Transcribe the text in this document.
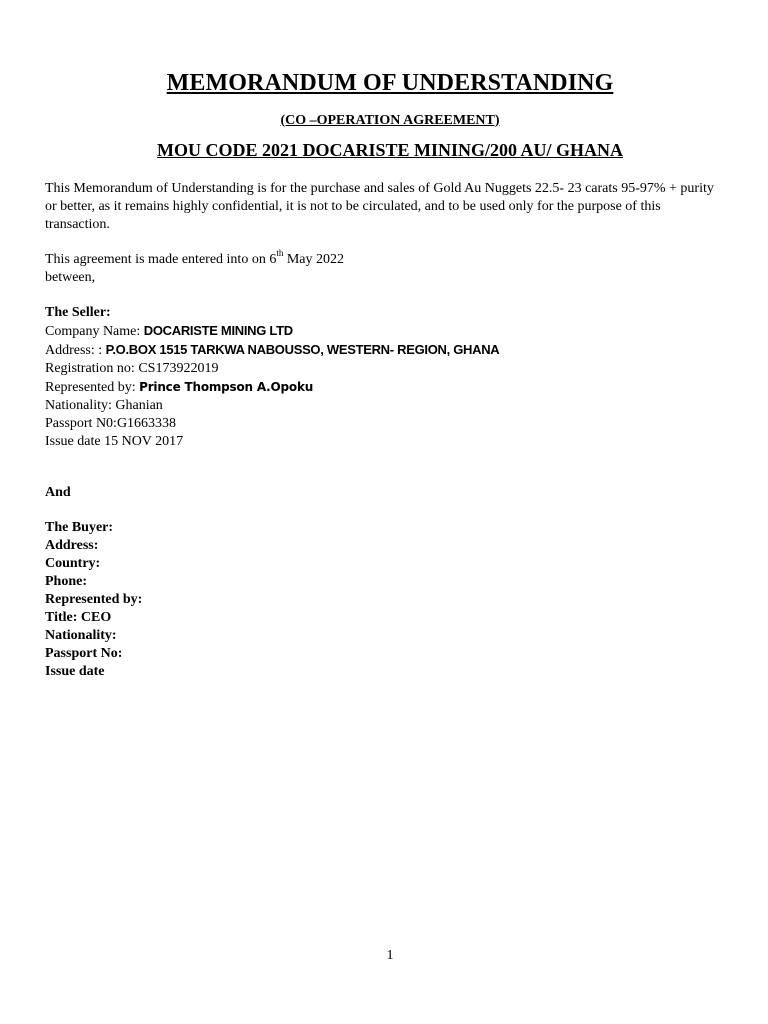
MEMORANDUM OF UNDERSTANDING
(CO –OPERATION AGREEMENT)
MOU CODE 2021 DOCARISTE MINING/200 AU/ GHANA
This Memorandum of Understanding is for the purchase and sales of Gold Au Nuggets 22.5- 23 carats 95-97% + purity or better, as it remains highly confidential, it is not to be circulated, and to be used only for the purpose of this transaction.
This agreement is made entered into on 6th May 2022
between,
The Seller:
Company Name: DOCARISTE MINING LTD
Address: : P.O.BOX 1515 TARKWA NABOUSSO, WESTERN- REGION, GHANA
Registration no: CS173922019
Represented by: Prince Thompson A.Opoku
Nationality: Ghanian
Passport N0:G1663338
Issue date 15 NOV 2017
And
The Buyer:
Address:
Country:
Phone:
Represented by:
Title: CEO
Nationality:
Passport No:
Issue date
1
